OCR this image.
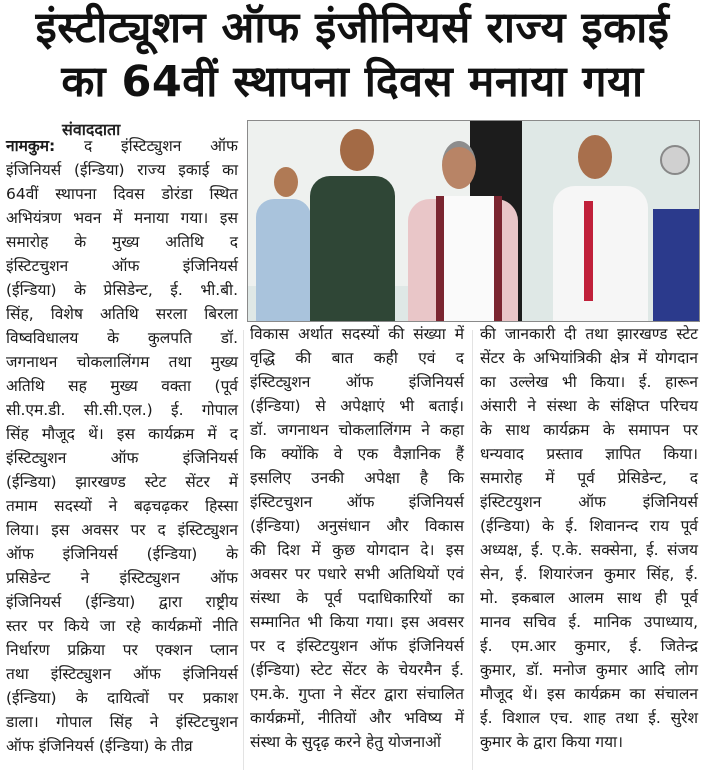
इंस्टीट्यूशन ऑफ इंजीनियर्स राज्य इकाई
का 64वीं स्थापना दिवस मनाया गया
संवाददाता
नामकुम: द इंस्टिट्युशन ऑफ
इंजिनियर्स (ईन्डिया) राज्य इकाई का
64वीं स्थापना दिवस डोरंडा स्थित
अभियंत्रण भवन में मनाया गया। इस
समारोह के मुख्य अतिथि द
इंस्टिटचुशन ऑफ इंजिनियर्स
(ईन्डिया) के प्रेसिडेन्ट, ई. भी.बी.
सिंह, विशेष अतिथि सरला बिरला
विष्वविधालय के कुलपति डॉ.
जगनाथन चोकलालिंगम तथा मुख्य
अतिथि सह मुख्य वक्ता (पूर्व
सी.एम.डी. सी.सी.एल.) ई. गोपाल
सिंह मौजूद थें। इस कार्यक्रम में द
इंस्टिट्युशन ऑफ इंजिनियर्स
(ईन्डिया) झारखण्ड स्टेट सेंटर में
तमाम सदस्यों ने बढ़चढ़कर हिस्सा
लिया। इस अवसर पर द इंस्टिट्युशन
ऑफ इंजिनियर्स (ईन्डिया) के
प्रसिडेन्ट ने इंस्टिट्युशन ऑफ
इंजिनियर्स (ईन्डिया) द्वारा राष्ट्रीय
स्तर पर किये जा रहे कार्यक्रमों नीति
निर्धारण प्रक्रिया पर एक्शन प्लान
तथा इंस्टिट्युशन ऑफ इंजिनियर्स
(ईन्डिया) के दायित्वों पर प्रकाश
डाला। गोपाल सिंह ने इंस्टिटचुशन
ऑफ इंजिनियर्स (ईन्डिया) के तीव्र
विकास अर्थात सदस्यों की संख्या में
वृद्धि की बात कही एवं द
इंस्टिट्युशन ऑफ इंजिनियर्स
(ईन्डिया) से अपेक्षाएं भी बताई।
डॉ. जगनाथन चोकलालिंगम ने कहा
कि क्योंकि वे एक वैज्ञानिक हैं
इसलिए उनकी अपेक्षा है कि
इंस्टिटचुशन ऑफ इंजिनियर्स
(ईन्डिया) अनुसंधान और विकास
की दिश में कुछ योगदान दे। इस
अवसर पर पधारे सभी अतिथियों एवं
संस्था के पूर्व पदाधिकारियों का
सम्मानित भी किया गया। इस अवसर
पर द इंस्टिटयुशन ऑफ इंजिनियर्स
(ईन्डिया) स्टेट सेंटर के चेयरमैन ई.
एम.के. गुप्ता ने सेंटर द्वारा संचालित
कार्यक्रमों, नीतियों और भविष्य में
संस्था के सुदृढ़ करने हेतु योजनाओं
की जानकारी दी तथा झारखण्ड स्टेट
सेंटर के अभियांत्रिकी क्षेत्र में योगदान
का उल्लेख भी किया। ई. हारून
अंसारी ने संस्था के संक्षिप्त परिचय
के साथ कार्यक्रम के समापन पर
धन्यवाद प्रस्ताव ज्ञापित किया।
समारोह में पूर्व प्रेसिडेन्ट, द
इंस्टिटयुशन ऑफ इंजिनियर्स
(ईन्डिया) के ई. शिवानन्द राय पूर्व
अध्यक्ष, ई. ए.के. सक्सेना, ई. संजय
सेन, ई. शियारंजन कुमार सिंह, ई.
मो. इकबाल आलम साथ ही पूर्व
मानव सचिव ई. मानिक उपाध्याय,
ई. एम.आर कुमार, ई. जितेन्द्र
कुमार, डॉ. मनोज कुमार आदि लोग
मौजूद थें। इस कार्यक्रम का संचालन
ई. विशाल एच. शाह तथा ई. सुरेश
कुमार के द्वारा किया गया।
